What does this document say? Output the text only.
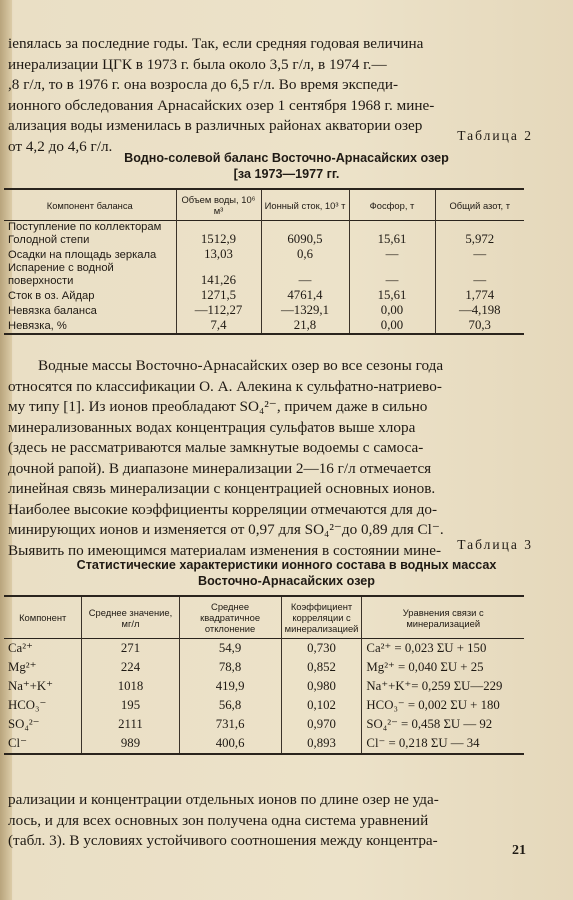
ienялась за последние годы. Так, если средняя годовая величина
инерализации ЦГК в 1973 г. была около 3,5 г/л, в 1974 г.—
,8 г/л, то в 1976 г. она возросла до 6,5 г/л. Во время экспеди-
ионного обследования Арнасайских озер 1 сентября 1968 г. мине-
ализация воды изменилась в различных районах акватории озер
от 4,2 до 4,6 г/л.
Таблица 2
Водно-солевой баланс Восточно-Арнасайских озер
[за 1973—1977 гг.
Компонент баланса	Объем воды, 10⁶ м³	Ионный сток, 10³ т	Фосфор, т	Общий азот, т
Поступление по коллекторам Голодной степи	1512,9	6090,5	15,61	5,972
Осадки на площадь зеркала	13,03	0,6	—	—
Испарение с водной поверхности	141,26	—	—	—
Сток в оз. Айдар	1271,5	4761,4	15,61	1,774
Невязка баланса	—112,27	—1329,1	0,00	—4,198
Невязка, %	7,4	21,8	0,00	70,3
Водные массы Восточно-Арнасайских озер во все сезоны года
относятся по классификации О. А. Алекина к сульфатно-натриево-
му типу [1]. Из ионов преобладают SO₄²⁻, причем даже в сильно
минерализованных водах концентрация сульфатов выше хлора
(здесь не рассматриваются малые замкнутые водоемы с самоса-
дочной рапой). В диапазоне минерализации 2—16 г/л отмечается
линейная связь минерализации с концентрацией основных ионов.
Наиболее высокие коэффициенты корреляции отмечаются для до-
минирующих ионов и изменяется от 0,97 для SO₄²⁻до 0,89 для Cl⁻.
Выявить по имеющимся материалам изменения в состоянии мине-	Таблица 3
Статистические характеристики ионного состава в водных массах
Восточно-Арнасайских озер
Компонент	Среднее значение, мг/л	Среднее квадратичное отклонение	Коэффициент корреляции с минерализацией	Уравнения связи с минерализацией
Ca²⁺	271	54,9	0,730	Ca²⁺ = 0,023 ΣU + 150
Mg²⁺	224	78,8	0,852	Mg²⁺ = 0,040 ΣU + 25
Na⁺+K⁺	1018	419,9	0,980	Na⁺+K⁺= 0,259 ΣU—229
HCO₃⁻	195	56,8	0,102	HCO₃⁻ = 0,002 ΣU + 180
SO₄²⁻	2111	731,6	0,970	SO₄²⁻ = 0,458 ΣU — 92
Cl⁻	989	400,6	0,893	Cl⁻ = 0,218 ΣU — 34
рализации и концентрации отдельных ионов по длине озер не уда-
лось, и для всех основных зон получена одна система уравнений
(табл. 3). В условиях устойчивого соотношения между концентра-
21
